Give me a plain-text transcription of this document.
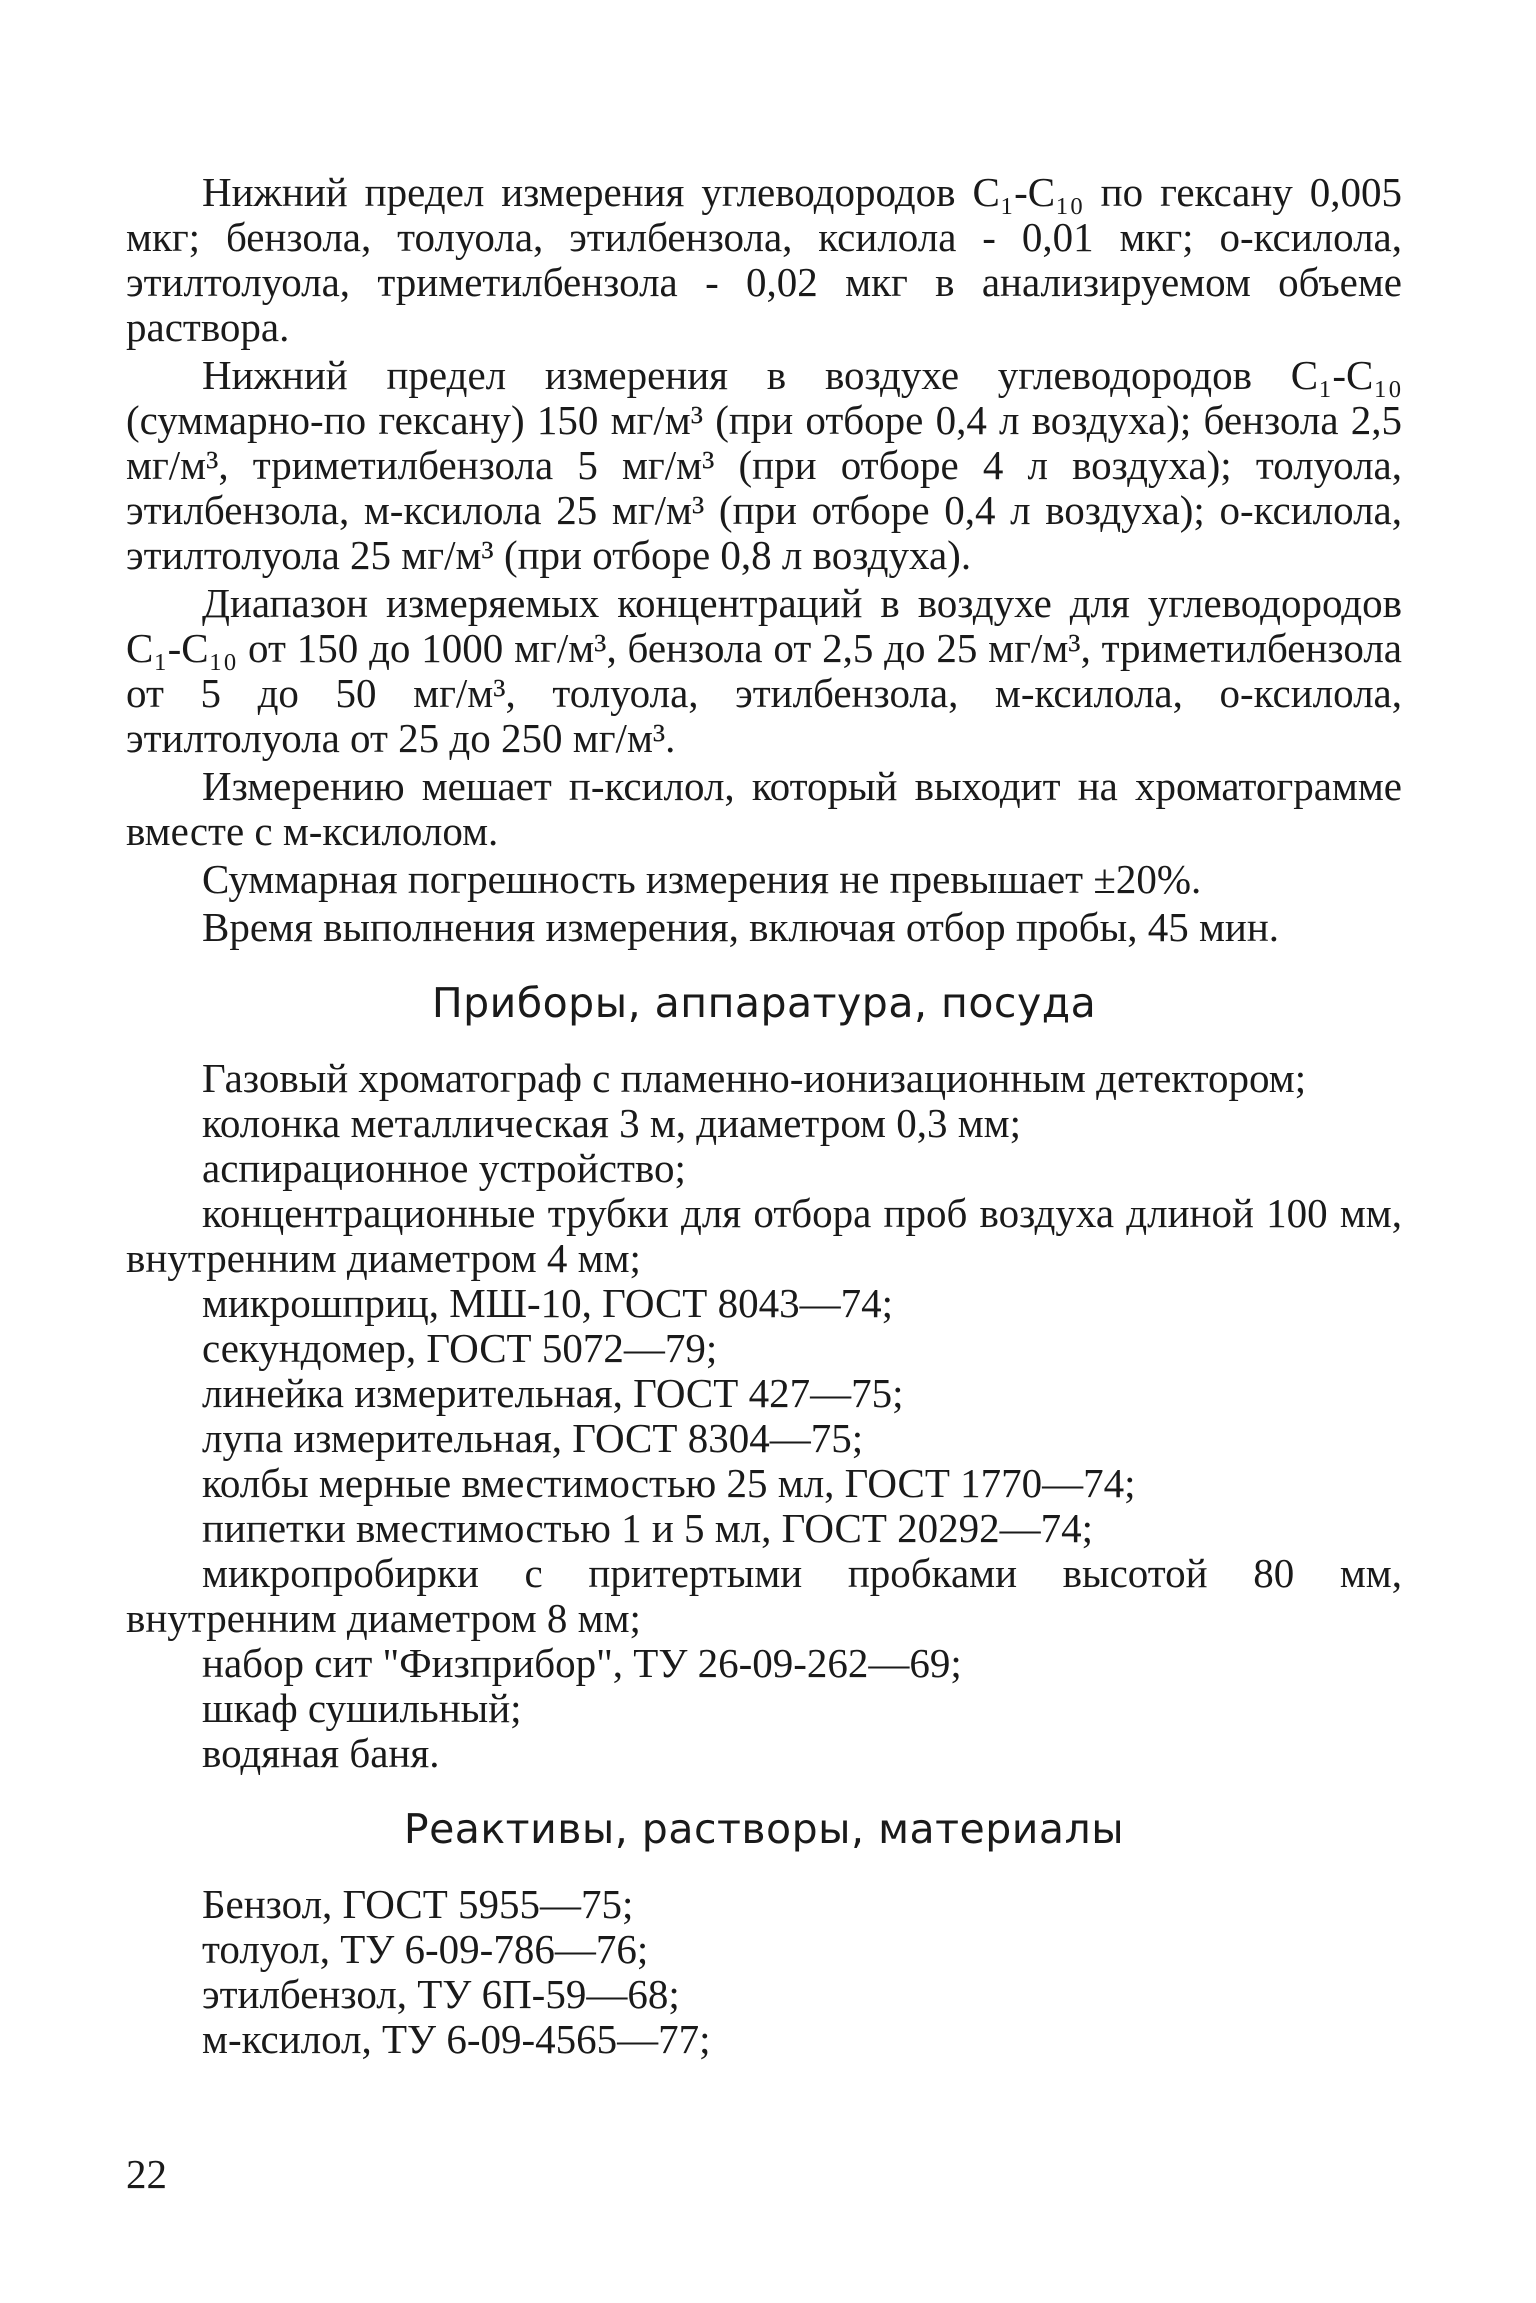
Нижний предел измерения углеводородов C₁-C₁₀ по гексану 0,005 мкг; бензола, толуола, этилбензола, ксилола - 0,01 мкг; о-ксилола, этилтолуола, триметилбензола - 0,02 мкг в анализируемом объеме раствора.

Нижний предел измерения в воздухе углеводородов C₁-C₁₀ (суммарно-по гексану) 150 мг/м³ (при отборе 0,4 л воздуха); бензола 2,5 мг/м³, триметилбензола 5 мг/м³ (при отборе 4 л воздуха); толуола, этилбензола, м-ксилола 25 мг/м³ (при отборе 0,4 л воздуха); о-ксилола, этилтолуола 25 мг/м³ (при отборе 0,8 л воздуха).

Диапазон измеряемых концентраций в воздухе для углеводородов C₁-C₁₀ от 150 до 1000 мг/м³, бензола от 2,5 до 25 мг/м³, триметилбензола от 5 до 50 мг/м³, толуола, этилбензола, м-ксилола, о-ксилола, этилтолуола от 25 до 250 мг/м³.

Измерению мешает п-ксилол, который выходит на хроматограмме вместе с м-ксилолом.

Суммарная погрешность измерения не превышает ±20%.

Время выполнения измерения, включая отбор пробы, 45 мин.

Приборы, аппаратура, посуда

Газовый хроматограф с пламенно-ионизационным детектором;

колонка металлическая 3 м, диаметром 0,3 мм;

аспирационное устройство;

концентрационные трубки для отбора проб воздуха длиной 100 мм, внутренним диаметром 4 мм;

микрошприц, МШ-10, ГОСТ 8043—74;

секундомер, ГОСТ 5072—79;

линейка измерительная, ГОСТ 427—75;

лупа измерительная, ГОСТ 8304—75;

колбы мерные вместимостью 25 мл, ГОСТ 1770—74;

пипетки вместимостью 1 и 5 мл, ГОСТ 20292—74;

микропробирки с притертыми пробками высотой 80 мм, внутренним диаметром 8 мм;

набор сит "Физприбор", ТУ 26-09-262—69;

шкаф сушильный;

водяная баня.

Реактивы, растворы, материалы

Бензол, ГОСТ 5955—75;

толуол, ТУ 6-09-786—76;

этилбензол, ТУ 6П-59—68;

м-ксилол, ТУ 6-09-4565—77;

22
